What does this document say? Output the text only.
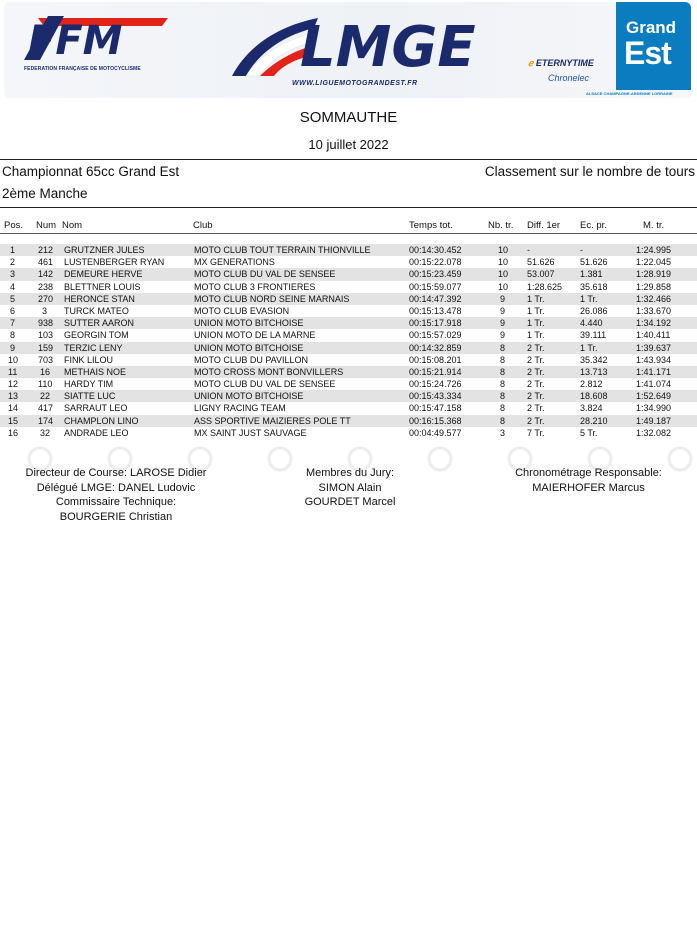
FFM
FEDERATION FRANÇAISE DE MOTOCYCLISME	LMGE
WWW.LIGUEMOTOGRANDEST.FR
ℯ ETERNYTIME
Chronelec
Grand
Est
ALSACE CHAMPAGNE-ARDENNE LORRAINE
SOMMAUTHE
10 juillet 2022
Championnat 65cc Grand Est	Classement sur le nombre de tours
2ème Manche
Pos. Num Nom	Club	Temps tot.	Nb. tr. Diff. 1er Ec. pr.	M. tr.
1	212 GRUTZNER JULES	MOTO CLUB TOUT TERRAIN THIONVILLE	00:14:30.452	10 -	-	1:24.995
2	461 LUSTENBERGER RYAN	MX GENERATIONS	00:15:22.078	10 51.626	51.626	1:22.045
3	142 DEMEURE HERVE	MOTO CLUB DU VAL DE SENSEE	00:15:23.459	10 53.007	1.381	1:28.919
4	238 BLETTNER LOUIS	MOTO CLUB 3 FRONTIERES	00:15:59.077	10 1:28.625 35.618	1:29.858
5	270 HERONCE STAN	MOTO CLUB NORD SEINE MARNAIS	00:14:47.392	9 1 Tr.	1 Tr.	1:32.466
6	3 TURCK MATEO	MOTO CLUB EVASION	00:15:13.478	9 1 Tr.	26.086	1:33.670
7	938 SUTTER AARON	UNION MOTO BITCHOISE	00:15:17.918	9 1 Tr.	4.440	1:34.192
8	103 GEORGIN TOM	UNION MOTO DE LA MARNE	00:15:57.029	9 1 Tr.	39.111	1:40.411
9	159 TERZIC LENY	UNION MOTO BITCHOISE	00:14:32.859	8 2 Tr.	1 Tr.	1:39.637
10 703 FINK LILOU	MOTO CLUB DU PAVILLON	00:15:08.201	8 2 Tr.	35.342	1:43.934
11	16 METHAIS NOE	MOTO CROSS MONT BONVILLERS	00:15:21.914	8 2 Tr.	13.713	1:41.171
12 110 HARDY TIM	MOTO CLUB DU VAL DE SENSEE	00:15:24.726	8 2 Tr.	2.812	1:41.074
13 22 SIATTE LUC	UNION MOTO BITCHOISE	00:15:43.334	8 2 Tr.	18.608	1:52.649
14 417 SARRAUT LEO	LIGNY RACING TEAM	00:15:47.158	8 2 Tr.	3.824	1:34.990
15 174 CHAMPLON LINO	ASS SPORTIVE MAIZIERES POLE TT	00:16:15.368	8 2 Tr.	28.210	1:49.187
16 32 ANDRADE LEO	MX SAINT JUST SAUVAGE	00:04:49.577	3 7 Tr.	5 Tr.	1:32.082
Directeur de Course: LAROSE Didier
Délégué LMGE: DANEL Ludovic
Commissaire Technique:
BOURGERIE Christian
Membres du Jury:
SIMON Alain
GOURDET Marcel
Chronométrage Responsable:
MAIERHOFER Marcus
